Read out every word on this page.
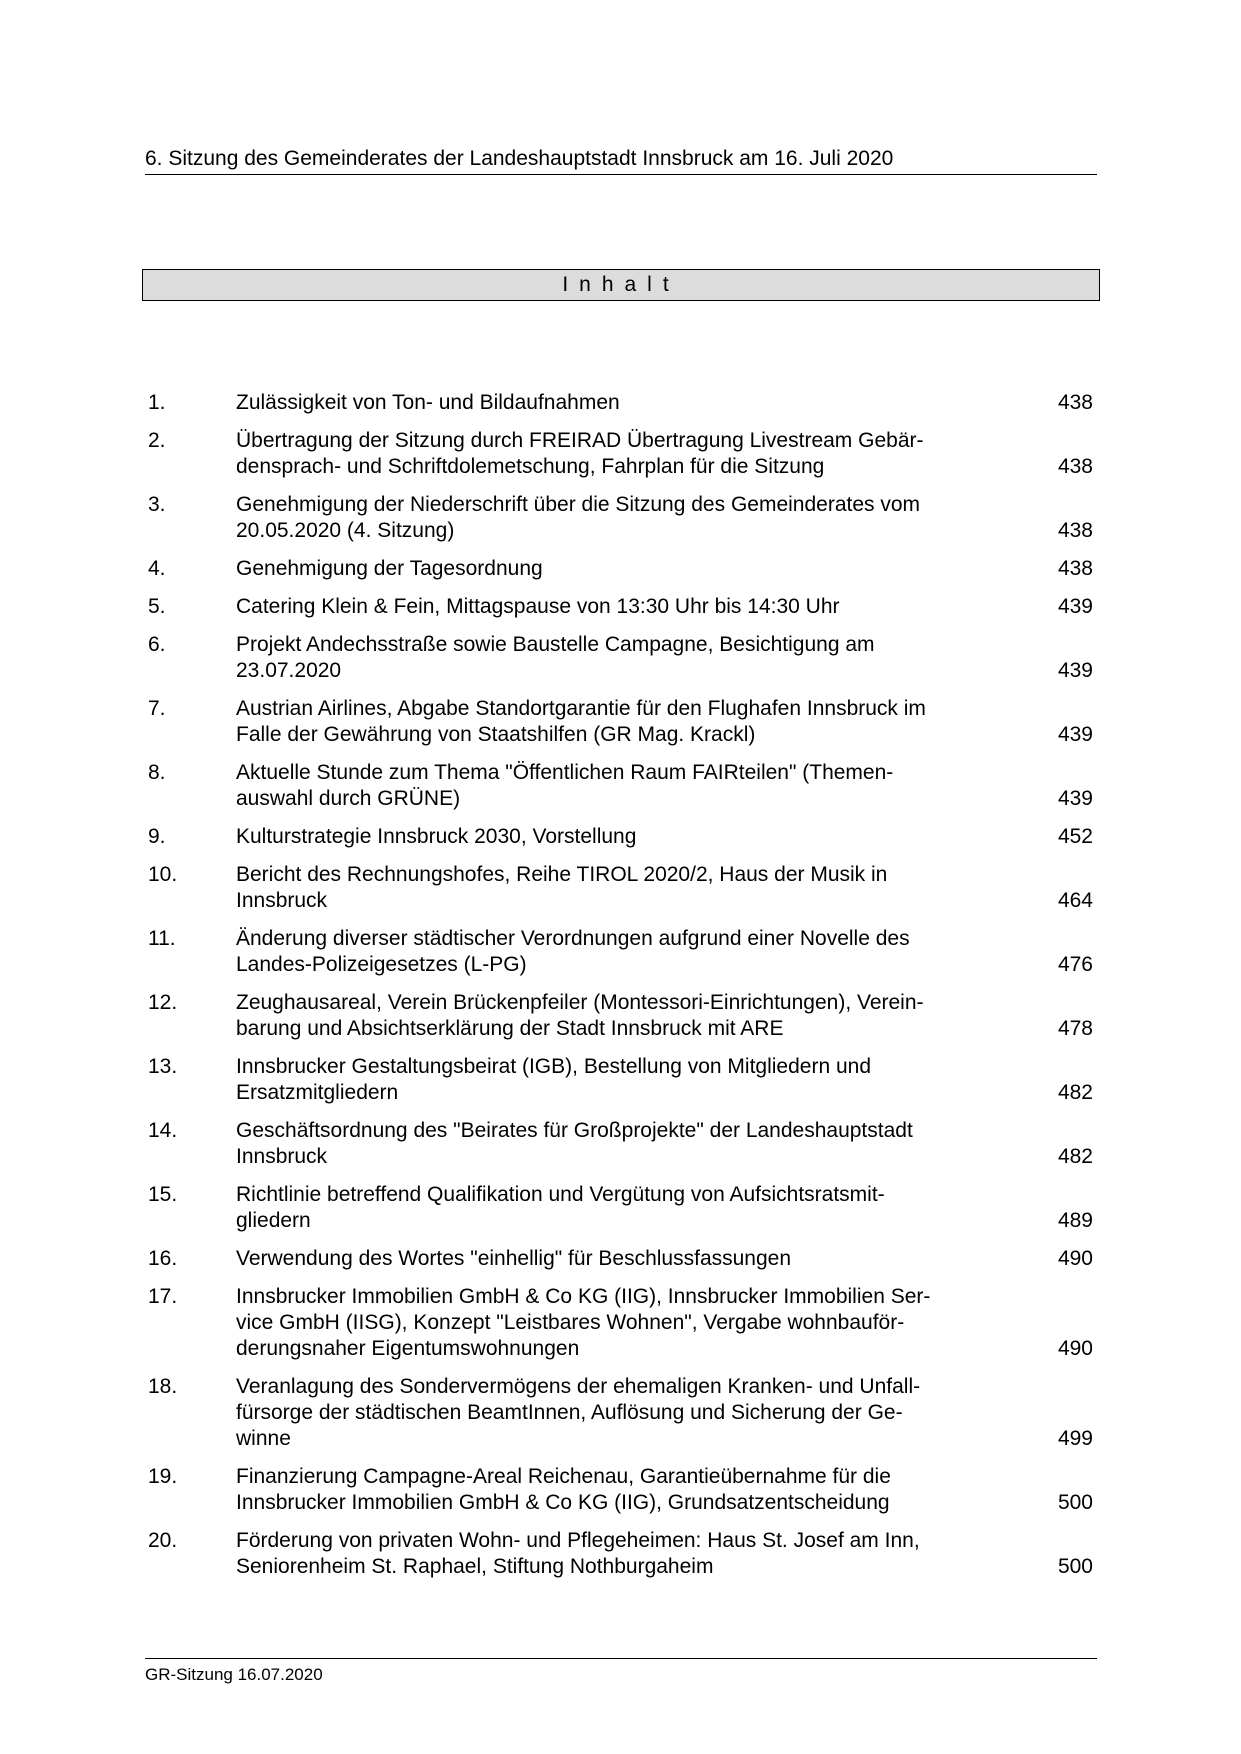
6. Sitzung des Gemeinderates der Landeshauptstadt Innsbruck am 16. Juli 2020
Inhalt
1.	Zulässigkeit von Ton- und Bildaufnahmen	438
2.	Übertragung der Sitzung durch FREIRAD Übertragung Livestream Gebär-
densprach- und Schriftdolemetschung, Fahrplan für die Sitzung	438
3.	Genehmigung der Niederschrift über die Sitzung des Gemeinderates vom
20.05.2020 (4. Sitzung)	438
4.	Genehmigung der Tagesordnung	438
5.	Catering Klein & Fein, Mittagspause von 13:30 Uhr bis 14:30 Uhr	439
6.	Projekt Andechsstraße sowie Baustelle Campagne, Besichtigung am
23.07.2020	439
7.	Austrian Airlines, Abgabe Standortgarantie für den Flughafen Innsbruck im
Falle der Gewährung von Staatshilfen (GR Mag. Krackl)	439
8.	Aktuelle Stunde zum Thema "Öffentlichen Raum FAIRteilen" (Themen-
auswahl durch GRÜNE)	439
9.	Kulturstrategie Innsbruck 2030, Vorstellung	452
10.	Bericht des Rechnungshofes, Reihe TIROL 2020/2, Haus der Musik in
Innsbruck	464
11.	Änderung diverser städtischer Verordnungen aufgrund einer Novelle des
Landes-Polizeigesetzes (L-PG)	476
12.	Zeughausareal, Verein Brückenpfeiler (Montessori-Einrichtungen), Verein-
barung und Absichtserklärung der Stadt Innsbruck mit ARE	478
13.	Innsbrucker Gestaltungsbeirat (IGB), Bestellung von Mitgliedern und
Ersatzmitgliedern	482
14.	Geschäftsordnung des "Beirates für Großprojekte" der Landeshauptstadt
Innsbruck	482
15.	Richtlinie betreffend Qualifikation und Vergütung von Aufsichtsratsmit-
gliedern	489
16.	Verwendung des Wortes "einhellig" für Beschlussfassungen	490
17.	Innsbrucker Immobilien GmbH & Co KG (IIG), Innsbrucker Immobilien Ser-
vice GmbH (IISG), Konzept "Leistbares Wohnen", Vergabe wohnbauför-
derungsnaher Eigentumswohnungen	490
18.	Veranlagung des Sondervermögens der ehemaligen Kranken- und Unfall-
fürsorge der städtischen BeamtInnen, Auflösung und Sicherung der Ge-
winne	499
19.	Finanzierung Campagne-Areal Reichenau, Garantieübernahme für die
Innsbrucker Immobilien GmbH & Co KG (IIG), Grundsatzentscheidung	500
20.	Förderung von privaten Wohn- und Pflegeheimen: Haus St. Josef am Inn,
Seniorenheim St. Raphael, Stiftung Nothburgaheim	500
GR-Sitzung 16.07.2020
